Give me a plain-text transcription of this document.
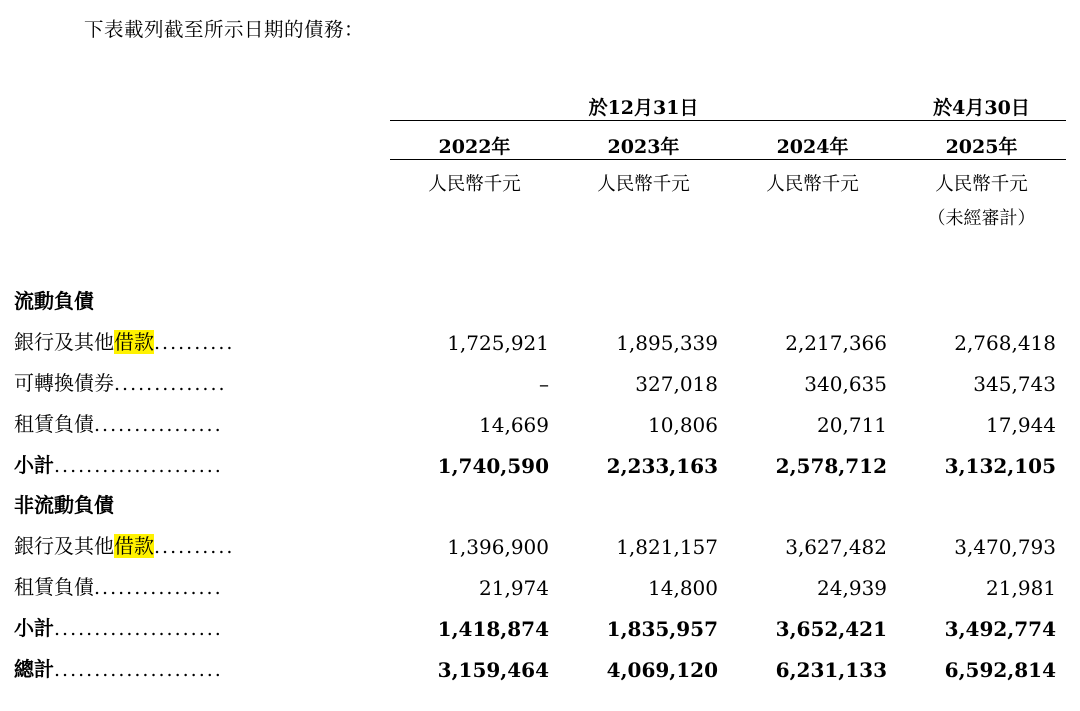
下表載列截至所示日期的債務：
	於12月31日			於4月30日
	2022年	2023年	2024年	2025年

	人民幣千元	人民幣千元	人民幣千元	人民幣千元
				（未經審計）

流動負債				
銀行及其他借款..........	1,725,921	1,895,339	2,217,366	2,768,418
可轉換債券..............	–	327,018	340,635	345,743
租賃負債................	14,669	10,806	20,711	17,944
小計.....................	1,740,590	2,233,163	2,578,712	3,132,105
非流動負債				
銀行及其他借款..........	1,396,900	1,821,157	3,627,482	3,470,793
租賃負債................	21,974	14,800	24,939	21,981
小計.....................	1,418,874	1,835,957	3,652,421	3,492,774
總計.....................	3,159,464	4,069,120	6,231,133	6,592,814
